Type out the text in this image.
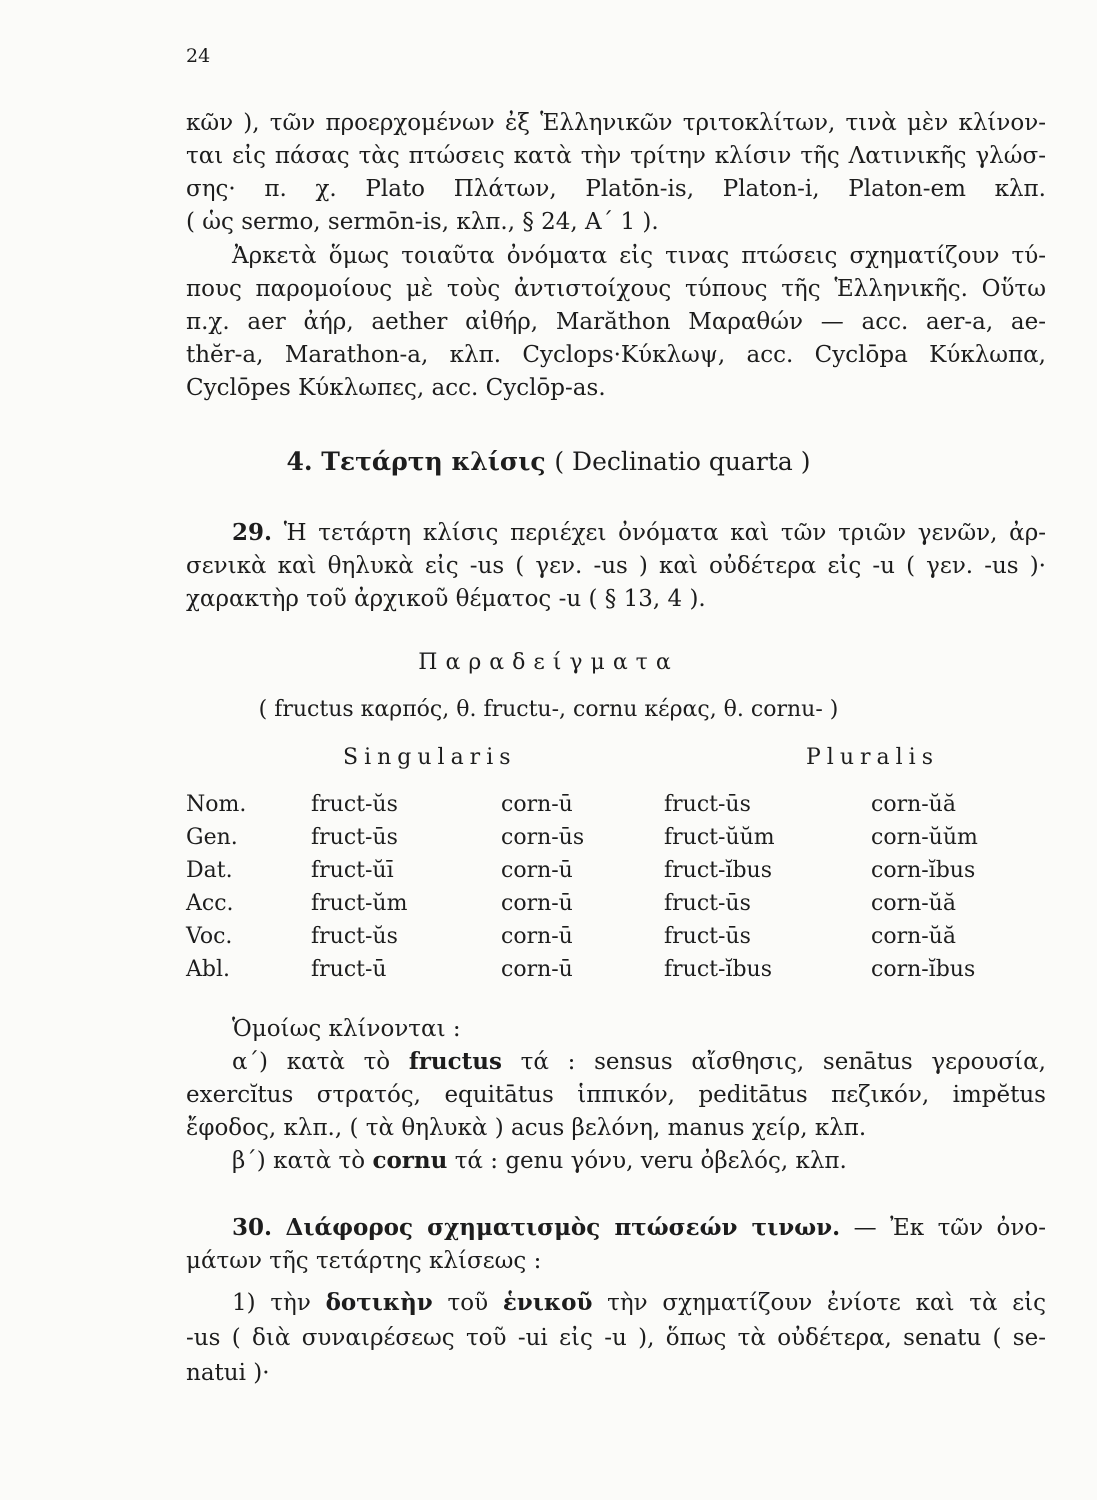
24
κῶν ), τῶν προερχομένων ἐξ Ἑλληνικῶν τριτοκλίτων, τινὰ μὲν κλίνον-
ται εἰς πάσας τὰς πτώσεις κατὰ τὴν τρίτην κλίσιν τῆς Λατινικῆς γλώσ-
σης· π. χ. Plato Πλάτων, Platōn-is, Platon-i, Platon-em κλπ.
( ὡς sermo, sermōn-is, κλπ., § 24, Α΄ 1 ).
Ἀρκετὰ ὅμως τοιαῦτα ὀνόματα εἰς τινας πτώσεις σχηματίζουν τύ-
πους παρομοίους μὲ τοὺς ἀντιστοίχους τύπους τῆς Ἑλληνικῆς. Οὕτω
π.χ. aer ἀήρ, aether αἰθήρ, Marăthon Μαραθών — acc. aer-a, ae-
thĕr-a, Marathon-a, κλπ. Cyclops·Κύκλωψ, acc. Cyclōpa Κύκλωπα,
Cyclōpes Κύκλωπες, acc. Cyclōp-as.
4. Τετάρτη κλίσις ( Declinatio quarta )
29. Ἡ τετάρτη κλίσις περιέχει ὀνόματα καὶ τῶν τριῶν γενῶν, ἀρ-
σενικὰ καὶ θηλυκὰ εἰς -us ( γεν. -us ) καὶ οὐδέτερα εἰς -u ( γεν. -us )·
χαρακτὴρ τοῦ ἀρχικοῦ θέματος -u ( § 13, 4 ).
Παραδείγματα
( fructus καρπός, θ. fructu-, cornu κέρας, θ. cornu- )
Singularis	Pluralis
Nom.	fruct-ŭs	corn-ū	fruct-ūs	corn-ŭă
Gen.	fruct-ūs	corn-ūs	fruct-ŭŭm	corn-ŭŭm
Dat.	fruct-ŭī	corn-ū	fruct-ĭbus	corn-ĭbus
Acc.	fruct-ŭm	corn-ū	fruct-ūs	corn-ŭă
Voc.	fruct-ŭs	corn-ū	fruct-ūs	corn-ŭă
Abl.	fruct-ū	corn-ū	fruct-ĭbus	corn-ĭbus
Ὁμοίως κλίνονται :
α΄) κατὰ τὸ fructus τά : sensus αἴσθησις, senātus γερουσία,
exercĭtus στρατός, equitātus ἱππικόν, peditātus πεζικόν, impĕtus
ἔφοδος, κλπ., ( τὰ θηλυκὰ ) acus βελόνη, manus χείρ, κλπ.
β΄) κατὰ τὸ cornu τά : genu γόνυ, veru ὀβελός, κλπ.
30. Διάφορος σχηματισμὸς πτώσεών τινων. — Ἐκ τῶν ὀνο-
μάτων τῆς τετάρτης κλίσεως :
1) τὴν δοτικὴν τοῦ ἑνικοῦ τὴν σχηματίζουν ἐνίοτε καὶ τὰ εἰς
-us ( διὰ συναιρέσεως τοῦ -ui εἰς -u ), ὅπως τὰ οὐδέτερα, senatu ( se-
natui )·
